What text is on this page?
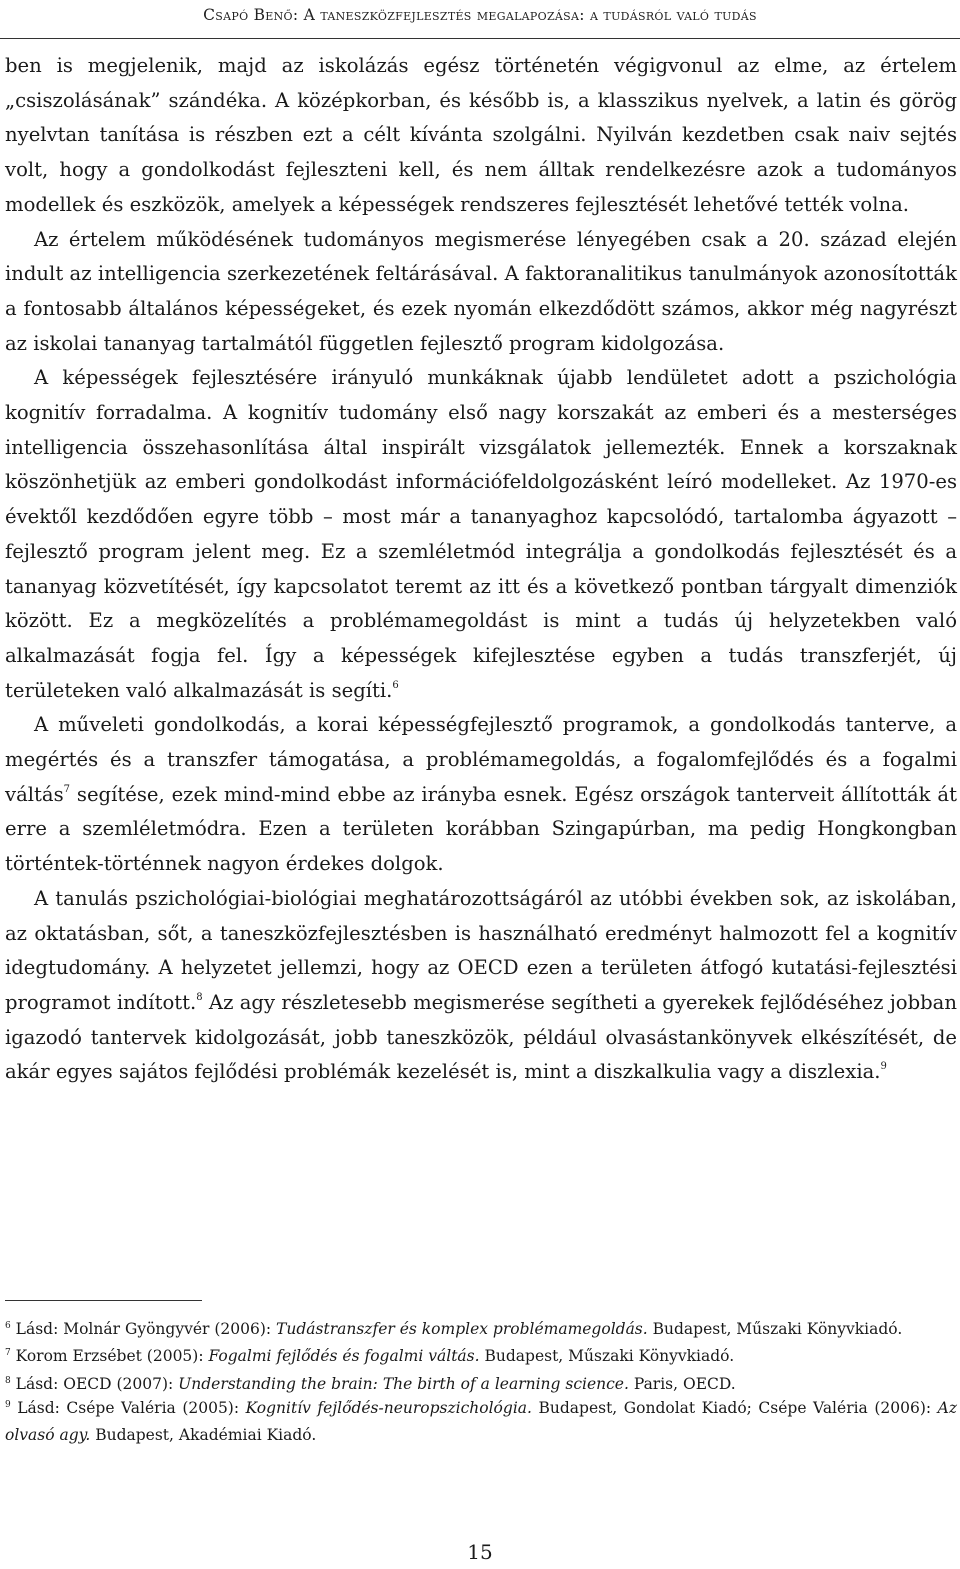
Csapó Benő: A taneszközfejlesztés megalapozása: a tudásról való tudás

ben is megjelenik, majd az iskolázás egész történetén végigvonul az elme, az értelem „csiszolásának” szándéka. A középkorban, és később is, a klasszikus nyelvek, a latin és görög nyelvtan tanítása is részben ezt a célt kívánta szolgálni. Nyilván kezdetben csak naiv sejtés volt, hogy a gondolkodást fejleszteni kell, és nem álltak rendelkezésre azok a tudományos modellek és eszközök, amelyek a képességek rendszeres fejlesztését lehetővé tették volna.

Az értelem működésének tudományos megismerése lényegében csak a 20. század elején indult az intelligencia szerkezetének feltárásával. A faktoranalitikus tanulmányok azonosították a fontosabb általános képességeket, és ezek nyomán elkezdődött számos, akkor még nagyrészt az iskolai tananyag tartalmától független fejlesztő program kidolgozása.

A képességek fejlesztésére irányuló munkáknak újabb lendületet adott a pszichológia kognitív forradalma. A kognitív tudomány első nagy korszakát az emberi és a mesterséges intelligencia összehasonlítása által inspirált vizsgálatok jellemezték. Ennek a korszaknak köszönhetjük az emberi gondolkodást információfeldolgozásként leíró modelleket. Az 1970-es évektől kezdődően egyre több – most már a tananyaghoz kapcsolódó, tartalomba ágyazott – fejlesztő program jelent meg. Ez a szemléletmód integrálja a gondolkodás fejlesztését és a tananyag közvetítését, így kapcsolatot teremt az itt és a következő pontban tárgyalt dimenziók között. Ez a megközelítés a problémamegoldást is mint a tudás új helyzetekben való alkalmazását fogja fel. Így a képességek kifejlesztése egyben a tudás transzferjét, új területeken való alkalmazását is segíti.$^6$

A műveleti gondolkodás, a korai képességfejlesztő programok, a gondolkodás tanterve, a megértés és a transzfer támogatása, a problémamegoldás, a fogalomfejlődés és a fogalmi váltás$^7$ segítése, ezek mind-mind ebbe az irányba esnek. Egész országok tanterveit állították át erre a szemléletmódra. Ezen a területen korábban Szingapúrban, ma pedig Hongkongban történtek-történnek nagyon érdekes dolgok.

A tanulás pszichológiai-biológiai meghatározottságáról az utóbbi években sok, az iskolában, az oktatásban, sőt, a taneszközfejlesztésben is használható eredményt halmozott fel a kognitív idegtudomány. A helyzetet jellemzi, hogy az OECD ezen a területen átfogó kutatási-fejlesztési programot indított.$^8$ Az agy részletesebb megismerése segítheti a gyerekek fejlődéséhez jobban igazodó tantervek kidolgozását, jobb taneszközök, például olvasástankönyvek elkészítését, de akár egyes sajátos fejlődési problémák kezelését is, mint a diszkalkulia vagy a diszlexia.$^9$

$^6$ Lásd: Molnár Gyöngyvér (2006): Tudástranszfer és komplex problémamegoldás. Budapest, Műszaki Könyvkiadó.

$^7$ Korom Erzsébet (2005): Fogalmi fejlődés és fogalmi váltás. Budapest, Műszaki Könyvkiadó.

$^8$ Lásd: OECD (2007): Understanding the brain: The birth of a learning science. Paris, OECD.

$^9$ Lásd: Csépe Valéria (2005): Kognitív fejlődés-neuropszichológia. Budapest, Gondolat Kiadó; Csépe Valéria (2006): Az olvasó agy. Budapest, Akadémiai Kiadó.

15
